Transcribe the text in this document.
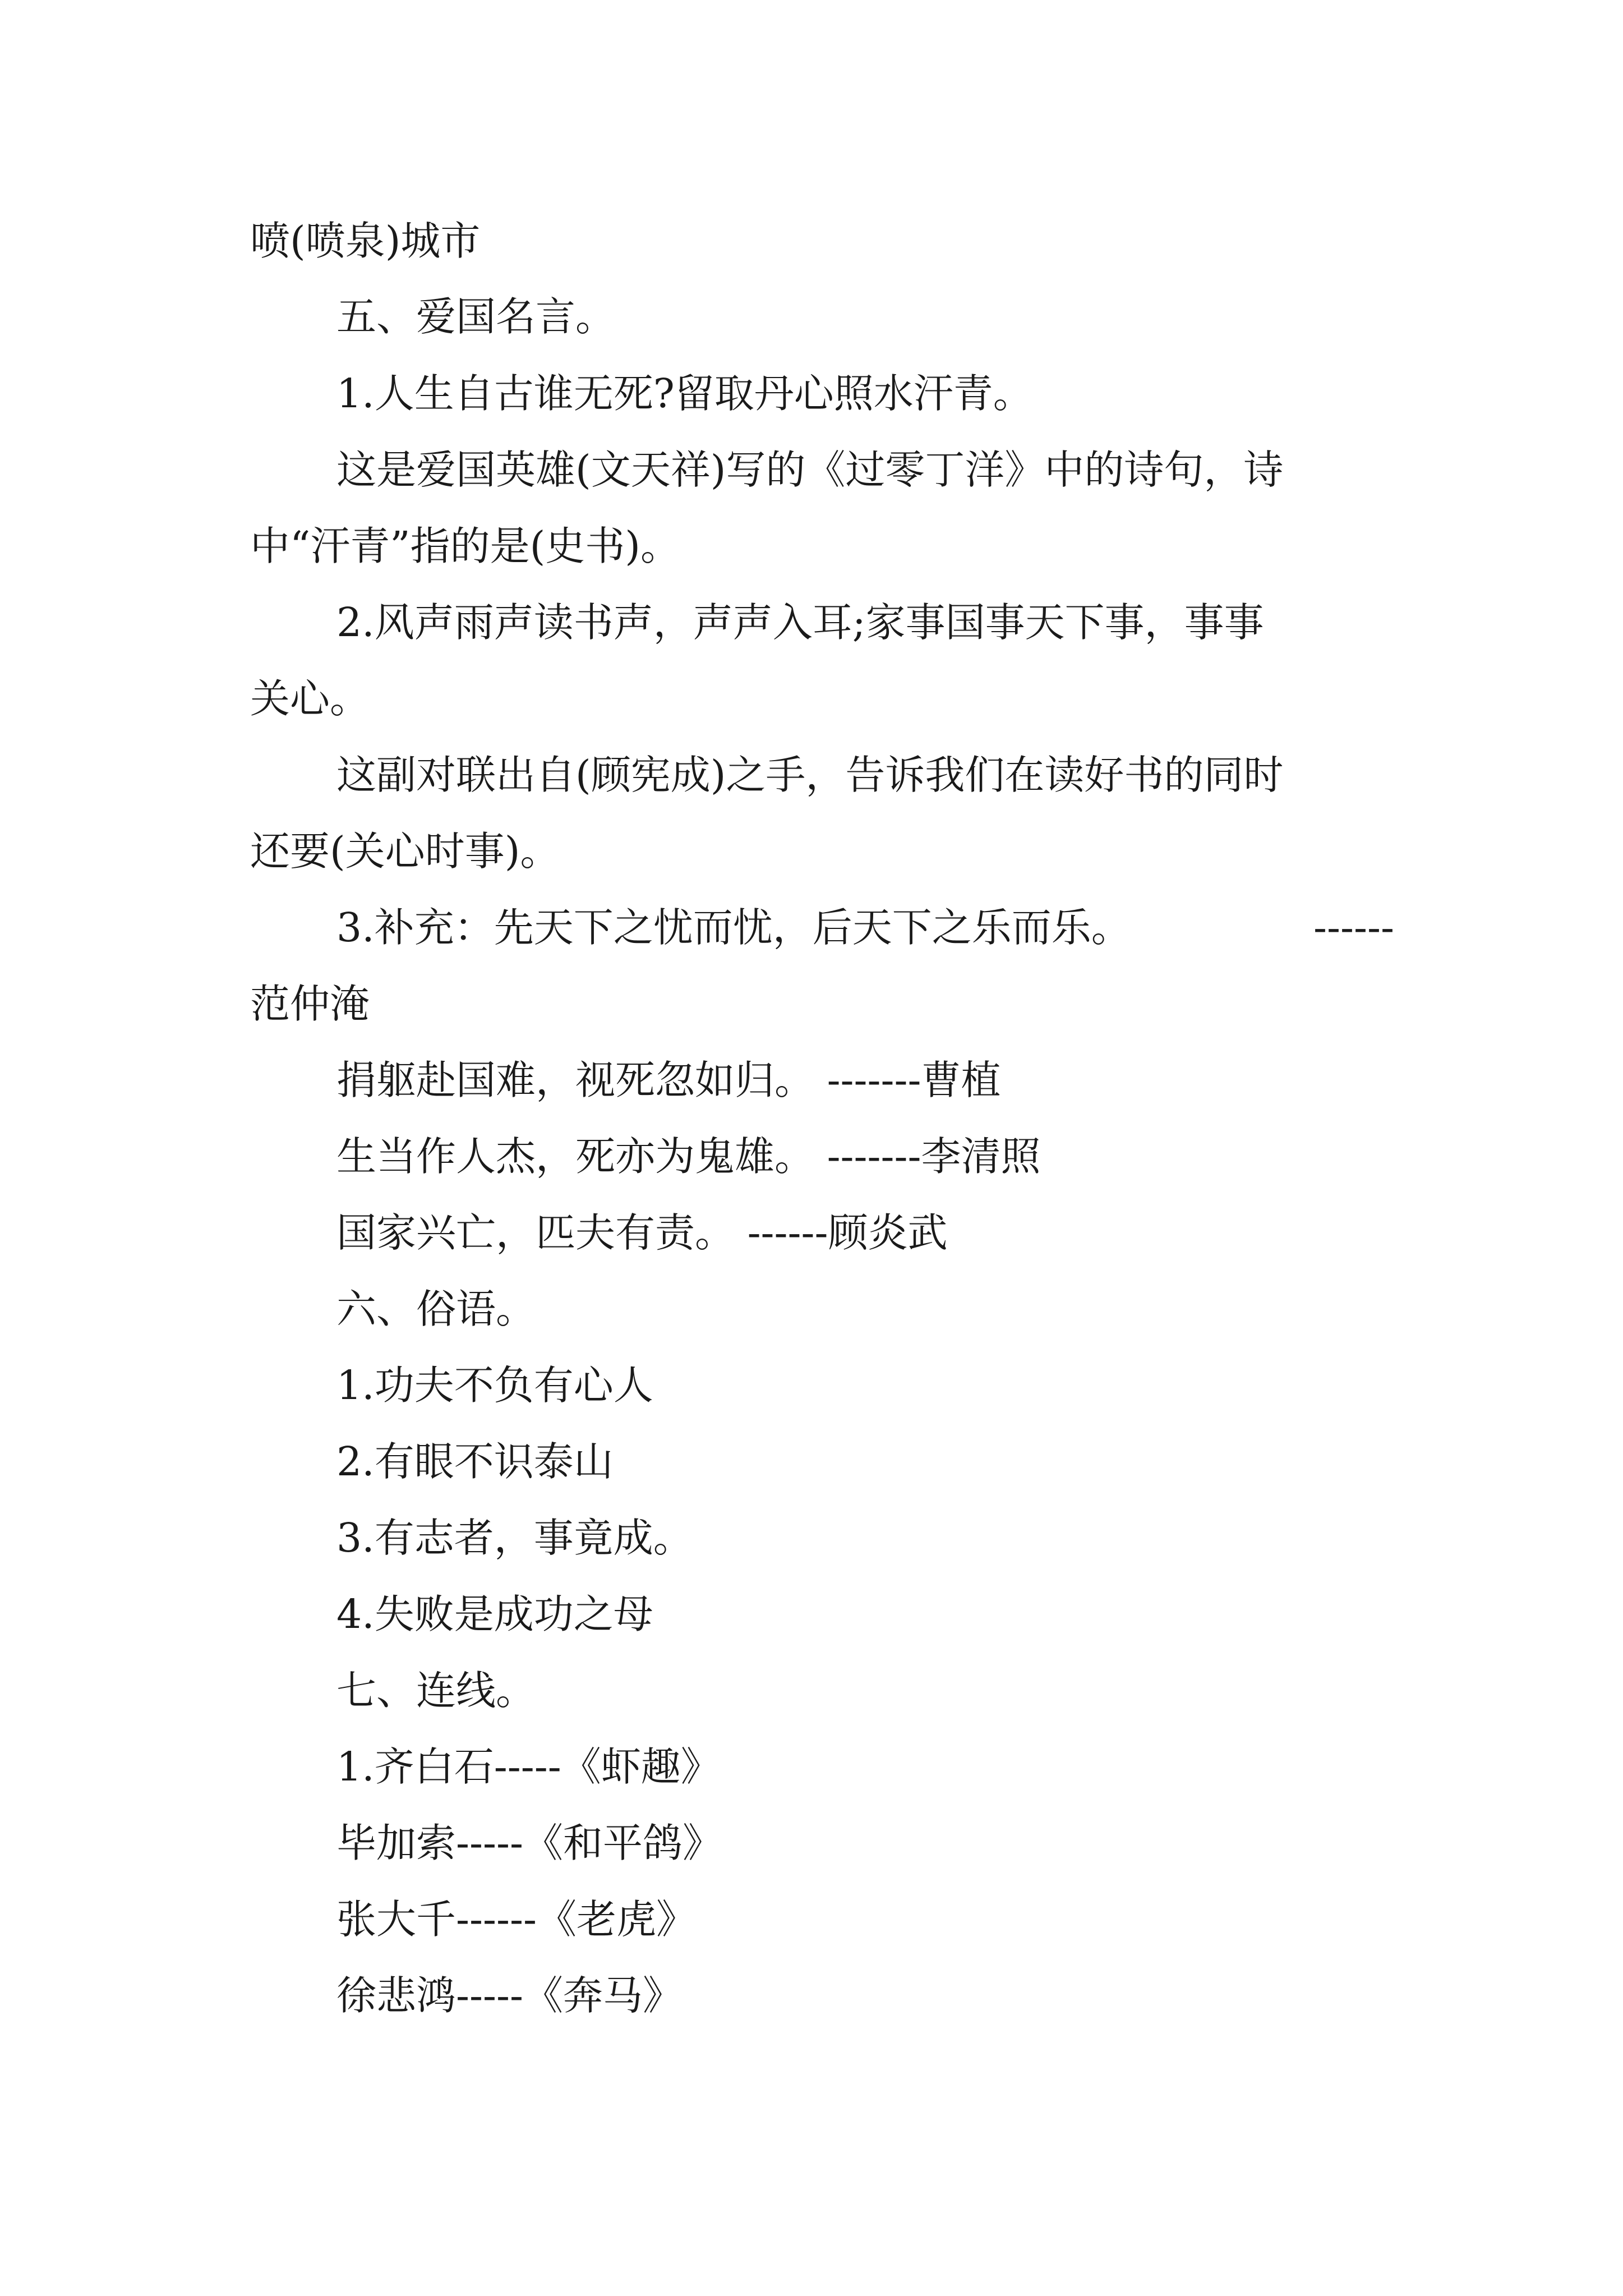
喷(喷泉)城市
五、爱国名言。
1.人生自古谁无死?留取丹心照水汗青。
这是爱国英雄(文天祥)写的《过零丁洋》中的诗句，诗
中“汗青”指的是(史书)。
2.风声雨声读书声，声声入耳;家事国事天下事，事事
关心。
这副对联出自(顾宪成)之手，告诉我们在读好书的同时
还要(关心时事)。
3.补充：先天下之忧而忧，后天下之乐而乐。	------
范仲淹
捐躯赴国难，视死忽如归。 -------曹植
生当作人杰，死亦为鬼雄。 -------李清照
国家兴亡，匹夫有责。 ------顾炎武
六、俗语。
1.功夫不负有心人
2.有眼不识泰山
3.有志者，事竟成。
4.失败是成功之母
七、连线。
1.齐白石-----《虾趣》
毕加索-----《和平鸽》
张大千------《老虎》
徐悲鸿-----《奔马》
